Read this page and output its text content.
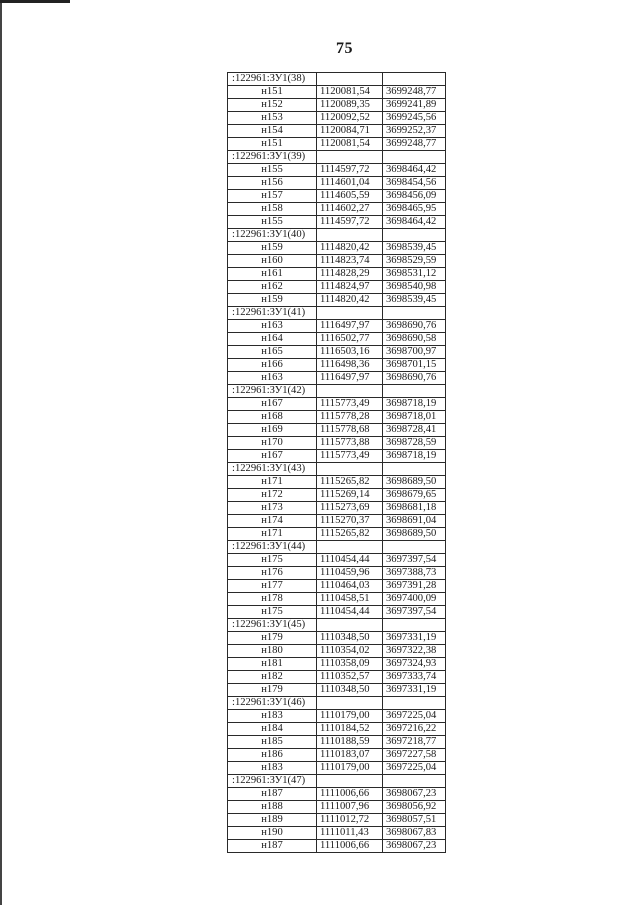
75
:122961:ЗУ1(38)		
н151	1120081,54	3699248,77
н152	1120089,35	3699241,89
н153	1120092,52	3699245,56
н154	1120084,71	3699252,37
н151	1120081,54	3699248,77
:122961:ЗУ1(39)		
н155	1114597,72	3698464,42
н156	1114601,04	3698454,56
н157	1114605,59	3698456,09
н158	1114602,27	3698465,95
н155	1114597,72	3698464,42
:122961:ЗУ1(40)		
н159	1114820,42	3698539,45
н160	1114823,74	3698529,59
н161	1114828,29	3698531,12
н162	1114824,97	3698540,98
н159	1114820,42	3698539,45
:122961:ЗУ1(41)		
н163	1116497,97	3698690,76
н164	1116502,77	3698690,58
н165	1116503,16	3698700,97
н166	1116498,36	3698701,15
н163	1116497,97	3698690,76
:122961:ЗУ1(42)		
н167	1115773,49	3698718,19
н168	1115778,28	3698718,01
н169	1115778,68	3698728,41
н170	1115773,88	3698728,59
н167	1115773,49	3698718,19
:122961:ЗУ1(43)		
н171	1115265,82	3698689,50
н172	1115269,14	3698679,65
н173	1115273,69	3698681,18
н174	1115270,37	3698691,04
н171	1115265,82	3698689,50
:122961:ЗУ1(44)		
н175	1110454,44	3697397,54
н176	1110459,96	3697388,73
н177	1110464,03	3697391,28
н178	1110458,51	3697400,09
н175	1110454,44	3697397,54
:122961:ЗУ1(45)		
н179	1110348,50	3697331,19
н180	1110354,02	3697322,38
н181	1110358,09	3697324,93
н182	1110352,57	3697333,74
н179	1110348,50	3697331,19
:122961:ЗУ1(46)		
н183	1110179,00	3697225,04
н184	1110184,52	3697216,22
н185	1110188,59	3697218,77
н186	1110183,07	3697227,58
н183	1110179,00	3697225,04
:122961:ЗУ1(47)		
н187	1111006,66	3698067,23
н188	1111007,96	3698056,92
н189	1111012,72	3698057,51
н190	1111011,43	3698067,83
н187	1111006,66	3698067,23
